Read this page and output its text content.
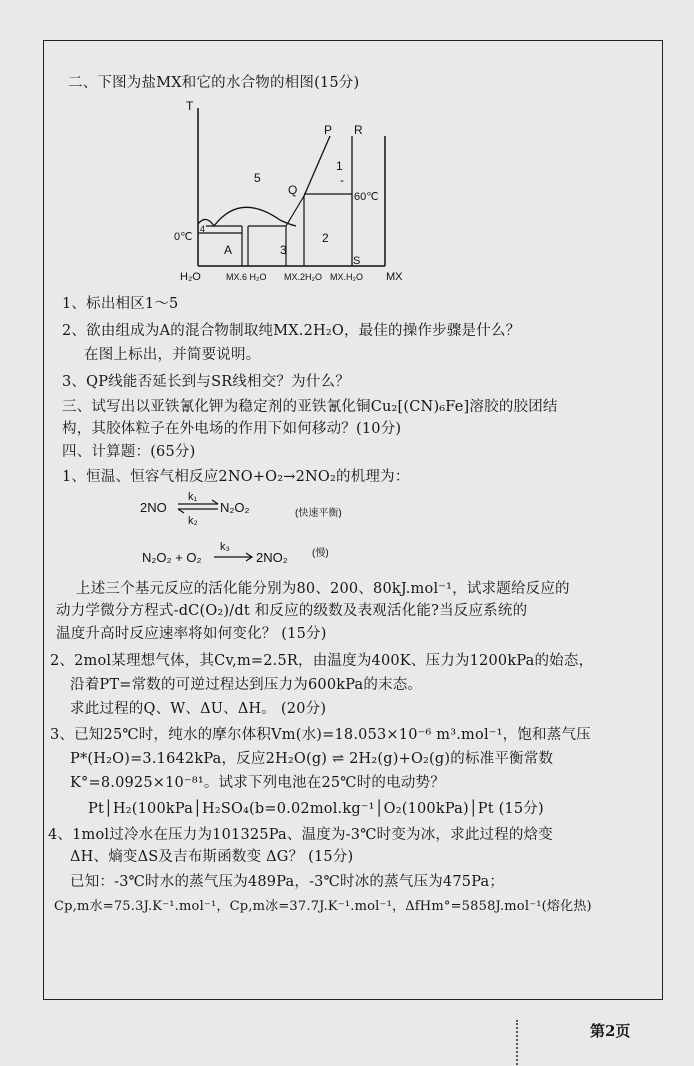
二、下图为盐MX和它的水合物的相图(15分)
T
P R
Q
S
0℃
60℃
1
-
2
3
4
5
A
H₂O	MX.6 H₂O MX.2H₂O MX.H₂O MX
1、标出相区1～5
2、欲由组成为A的混合物制取纯MX.2H₂O，最佳的操作步骤是什么？
在图上标出，并简要说明。
3、QP线能否延长到与SR线相交？为什么？
三、试写出以亚铁氰化钾为稳定剂的亚铁氰化铜Cu₂[(CN)₆Fe]溶胶的胶团结
构，其胶体粒子在外电场的作用下如何移动？(10分)
四、计算题：(65分)
1、恒温、恒容气相反应2NO+O₂→2NO₂的机理为：
2NO
k₁
k₂
N₂O₂	(快速平衡)
N₂O₂ + O₂
k₃
2NO₂ (慢)
上述三个基元反应的活化能分别为80、200、80kJ.mol⁻¹，试求题给反应的
动力学微分方程式-dC(O₂)/dt 和反应的级数及表观活化能?当反应系统的
温度升高时反应速率将如何变化？ (15分)
2、2mol某理想气体，其Cv,m=2.5R，由温度为400K、压力为1200kPa的始态，
沿着PT=常数的可逆过程达到压力为600kPa的末态。
求此过程的Q、W、ΔU、ΔH。 (20分)
3、已知25℃时，纯水的摩尔体积Vm(水)=18.053×10⁻⁶ m³.mol⁻¹，饱和蒸气压
P*(H₂O)=3.1642kPa，反应2H₂O(g) ⇌ 2H₂(g)+O₂(g)的标准平衡常数
K°=8.0925×10⁻⁸¹。试求下列电池在25℃时的电动势？
Pt│H₂(100kPa│H₂SO₄(b=0.02mol.kg⁻¹│O₂(100kPa)│Pt (15分)
4、1mol过冷水在压力为101325Pa、温度为-3℃时变为冰，求此过程的焓变
ΔH、熵变ΔS及吉布斯函数变 ΔG？ (15分)
已知：-3℃时水的蒸气压为489Pa，-3℃时冰的蒸气压为475Pa；
Cp,m水=75.3J.K⁻¹.mol⁻¹，Cp,m冰=37.7J.K⁻¹.mol⁻¹，ΔfHm°=5858J.mol⁻¹(熔化热)
第2页
